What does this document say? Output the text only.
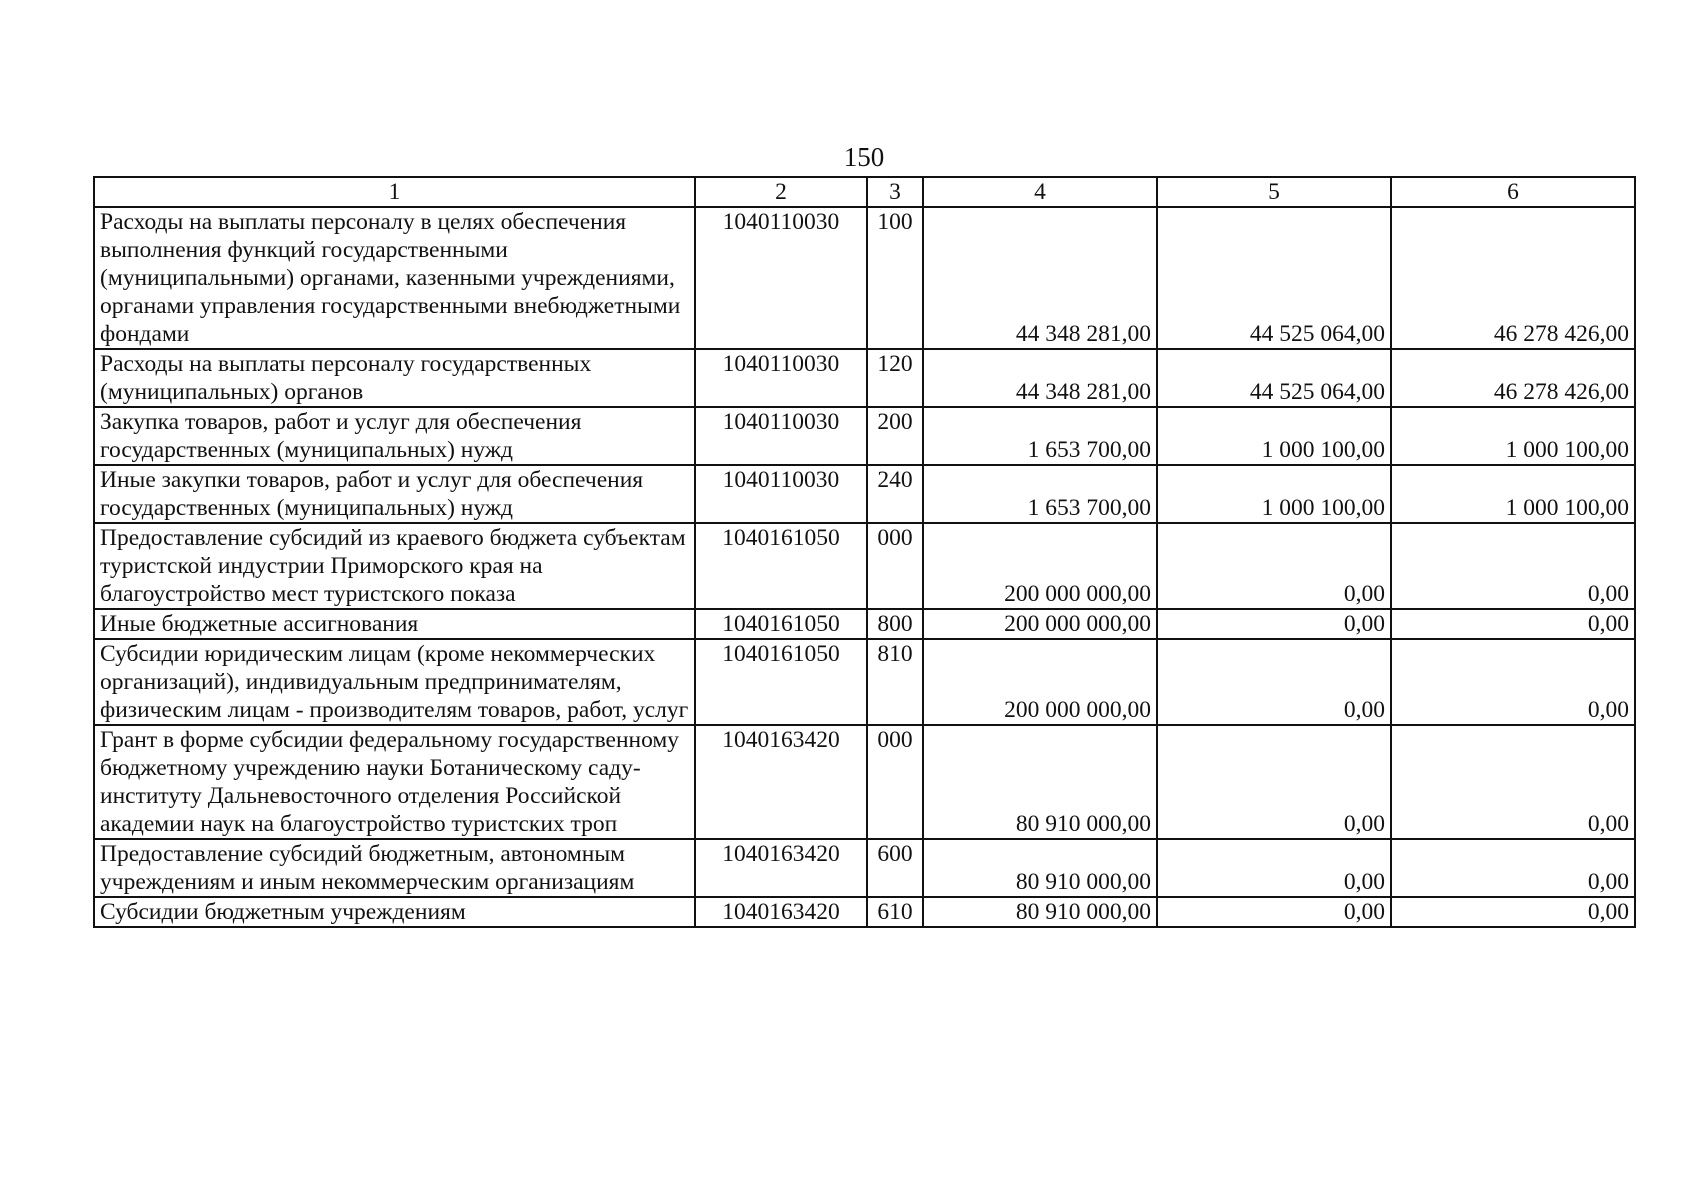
150
1	2	3	4	5	6
Расходы на выплаты персоналу в целях обеспечения выполнения функций государственными (муниципальными) органами, казенными учреждениями, органами управления государственными внебюджетными фондами	1040110030	100	44 348 281,00	44 525 064,00	46 278 426,00
Расходы на выплаты персоналу государственных (муниципальных) органов	1040110030	120	44 348 281,00	44 525 064,00	46 278 426,00
Закупка товаров, работ и услуг для обеспечения государственных (муниципальных) нужд	1040110030	200	1 653 700,00	1 000 100,00	1 000 100,00
Иные закупки товаров, работ и услуг для обеспечения государственных (муниципальных) нужд	1040110030	240	1 653 700,00	1 000 100,00	1 000 100,00
Предоставление субсидий из краевого бюджета субъектам туристской индустрии Приморского края на благоустройство мест туристского показа	1040161050	000	200 000 000,00	0,00	0,00
Иные бюджетные ассигнования	1040161050	800	200 000 000,00	0,00	0,00
Субсидии юридическим лицам (кроме некоммерческих организаций), индивидуальным предпринимателям, физическим лицам - производителям товаров, работ, услуг	1040161050	810	200 000 000,00	0,00	0,00
Грант в форме субсидии федеральному государственному бюджетному учреждению науки Ботаническому саду-институту Дальневосточного отделения Российской академии наук на благоустройство туристских троп	1040163420	000	80 910 000,00	0,00	0,00
Предоставление субсидий бюджетным, автономным учреждениям и иным некоммерческим организациям	1040163420	600	80 910 000,00	0,00	0,00
Субсидии бюджетным учреждениям	1040163420	610	80 910 000,00	0,00	0,00
